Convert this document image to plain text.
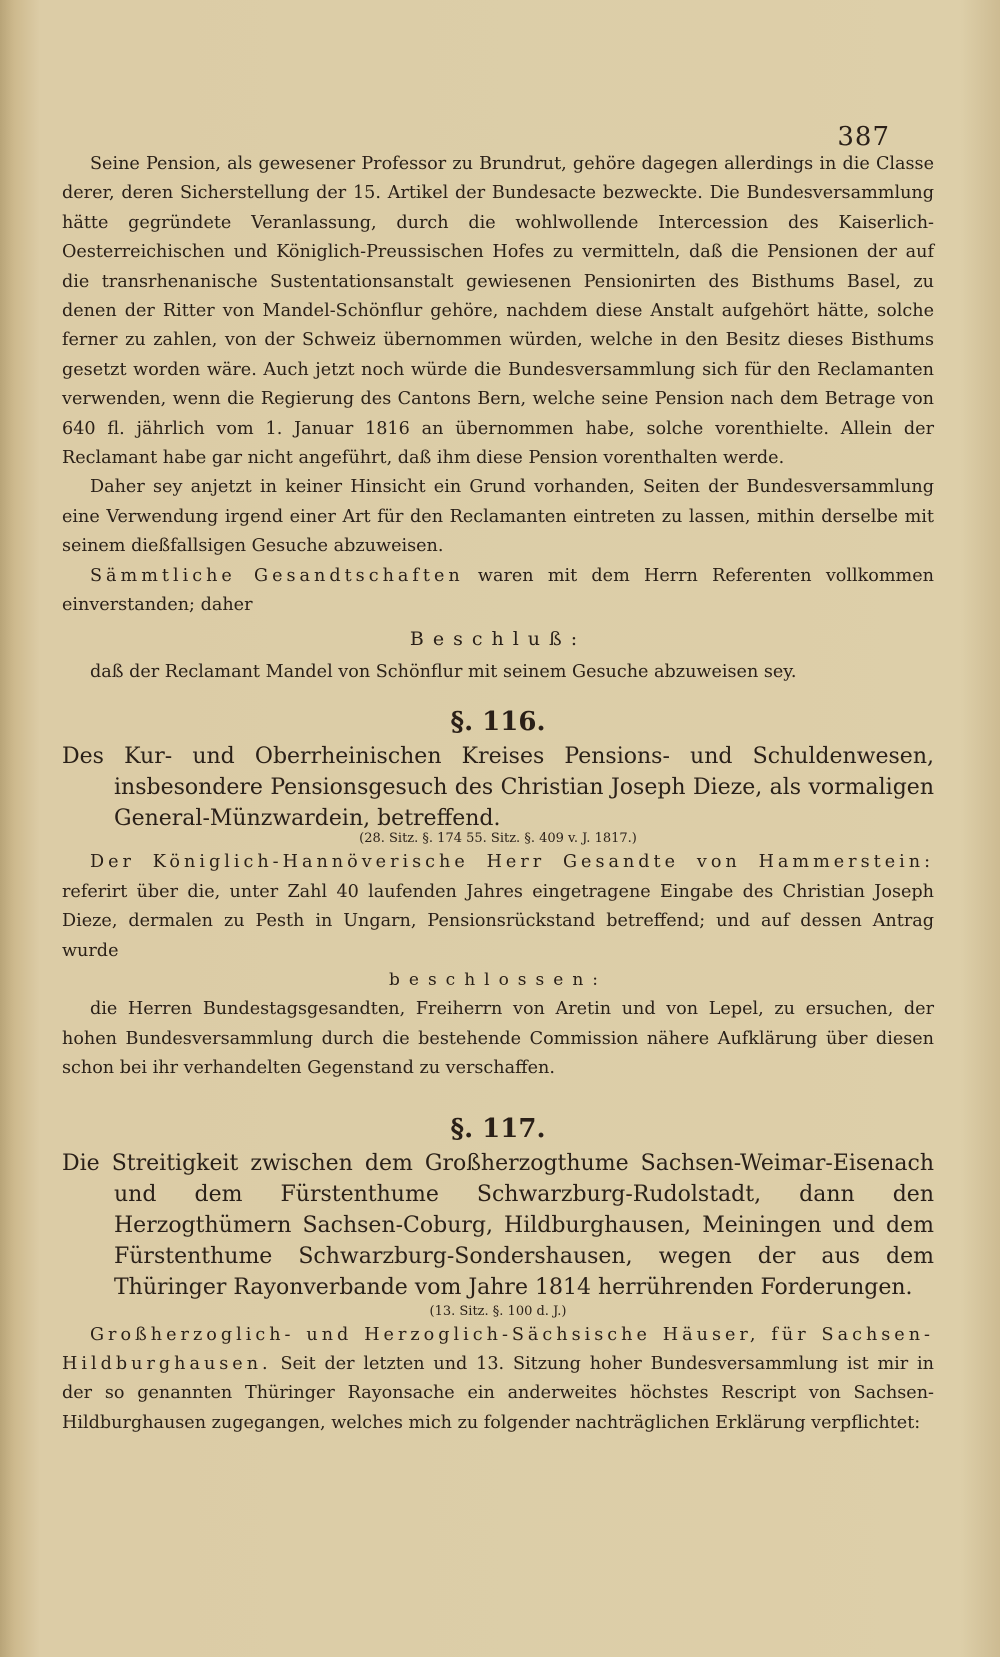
387

Seine Pension, als gewesener Professor zu Brundrut, gehöre dagegen allerdings in die Classe derer, deren Sicherstellung der 15. Artikel der Bundesacte bezweckte. Die Bundesversammlung hätte gegründete Veranlassung, durch die wohlwollende Intercession des Kaiserlich-Oesterreichischen und Königlich-Preussischen Hofes zu vermitteln, daß die Pensionen der auf die transrhenanische Sustentationsanstalt gewiesenen Pensionirten des Bisthums Basel, zu denen der Ritter von Mandel-Schönflur gehöre, nachdem diese Anstalt aufgehört hätte, solche ferner zu zahlen, von der Schweiz übernommen würden, welche in den Besitz dieses Bisthums gesetzt worden wäre. Auch jetzt noch würde die Bundesversammlung sich für den Reclamanten verwenden, wenn die Regierung des Cantons Bern, welche seine Pension nach dem Betrage von 640 fl. jährlich vom 1. Januar 1816 an übernommen habe, solche vorenthielte. Allein der Reclamant habe gar nicht angeführt, daß ihm diese Pension vorenthalten werde.

Daher sey anjetzt in keiner Hinsicht ein Grund vorhanden, Seiten der Bundesversammlung eine Verwendung irgend einer Art für den Reclamanten eintreten zu lassen, mithin derselbe mit seinem dießfallsigen Gesuche abzuweisen.

Sämmtliche Gesandtschaften waren mit dem Herrn Referenten vollkommen einverstanden; daher

Beschluß:

daß der Reclamant Mandel von Schönflur mit seinem Gesuche abzuweisen sey.

§. 116.

Des Kur- und Oberrheinischen Kreises Pensions- und Schuldenwesen, insbesondere Pensionsgesuch des Christian Joseph Dieze, als vormaligen General-Münzwardein, betreffend.

(28. Sitz. §. 174 55. Sitz. §. 409 v. J. 1817.)

Der Königlich-Hannöverische Herr Gesandte von Hammerstein: referirt über die, unter Zahl 40 laufenden Jahres eingetragene Eingabe des Christian Joseph Dieze, dermalen zu Pesth in Ungarn, Pensionsrückstand betreffend; und auf dessen Antrag wurde

beschlossen:

die Herren Bundestagsgesandten, Freiherrn von Aretin und von Lepel, zu ersuchen, der hohen Bundesversammlung durch die bestehende Commission nähere Aufklärung über diesen schon bei ihr verhandelten Gegenstand zu verschaffen.

§. 117.

Die Streitigkeit zwischen dem Großherzogthume Sachsen-Weimar-Eisenach und dem Fürstenthume Schwarzburg-Rudolstadt, dann den Herzogthümern Sachsen-Coburg, Hildburghausen, Meiningen und dem Fürstenthume Schwarzburg-Sondershausen, wegen der aus dem Thüringer Rayonverbande vom Jahre 1814 herrührenden Forderungen.

(13. Sitz. §. 100 d. J.)

Großherzoglich- und Herzoglich-Sächsische Häuser, für Sachsen-Hildburghausen. Seit der letzten und 13. Sitzung hoher Bundesversammlung ist mir in der so genannten Thüringer Rayonsache ein anderweites höchstes Rescript von Sachsen-Hildburghausen zugegangen, welches mich zu folgender nachträglichen Erklärung verpflichtet:
